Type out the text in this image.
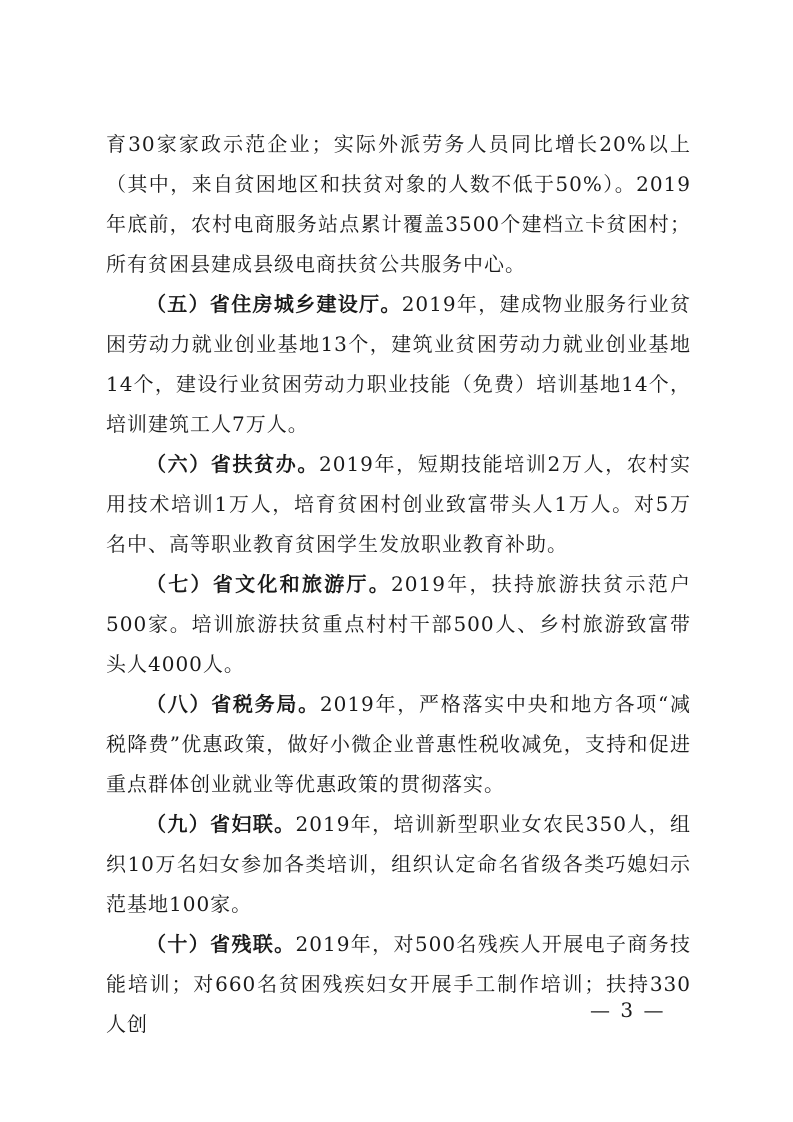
育30家家政示范企业；实际外派劳务人员同比增长20%以上（其中，来自贫困地区和扶贫对象的人数不低于50%）。2019年底前，农村电商服务站点累计覆盖3500个建档立卡贫困村；所有贫困县建成县级电商扶贫公共服务中心。

（五）省住房城乡建设厅。2019年，建成物业服务行业贫困劳动力就业创业基地13个，建筑业贫困劳动力就业创业基地14个，建设行业贫困劳动力职业技能（免费）培训基地14个，培训建筑工人7万人。

（六）省扶贫办。2019年，短期技能培训2万人，农村实用技术培训1万人，培育贫困村创业致富带头人1万人。对5万名中、高等职业教育贫困学生发放职业教育补助。

（七）省文化和旅游厅。2019年，扶持旅游扶贫示范户500家。培训旅游扶贫重点村村干部500人、乡村旅游致富带头人4000人。

（八）省税务局。2019年，严格落实中央和地方各项“减税降费”优惠政策，做好小微企业普惠性税收减免，支持和促进重点群体创业就业等优惠政策的贯彻落实。

（九）省妇联。2019年，培训新型职业女农民350人，组织10万名妇女参加各类培训，组织认定命名省级各类巧媳妇示范基地100家。

（十）省残联。2019年，对500名残疾人开展电子商务技能培训；对660名贫困残疾妇女开展手工制作培训；扶持330人创

— 3 —
